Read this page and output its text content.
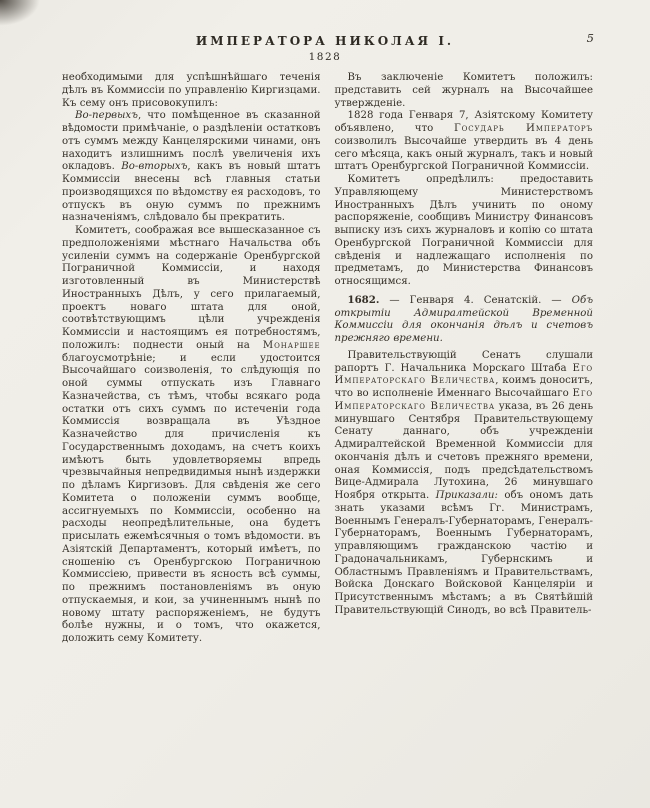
ИМПЕРАТОРА НИКОЛАЯ I.	5
1828

необходимыми для успѣшнѣйшаго теченія дѣлъ въ Коммиссіи по управленію Киргизцами. Къ сему онъ присовокупилъ:

Во-первыхъ, что помѣщенное въ сказанной вѣдомости примѣчаніе, о раздѣленіи остатковъ отъ суммъ между Канцелярскими чинами, онъ находитъ излишнимъ послѣ увеличенія ихъ окладовъ. Во-вторыхъ, какъ въ новый штатъ Коммиссіи внесены всѣ главныя статьи производящихся по вѣдомству ея расходовъ, то отпускъ въ оную суммъ по прежнимъ назначеніямъ, слѣдовало бы прекратить.

Комитетъ, соображая все вышесказанное съ предположеніями мѣстнаго Начальства объ усиленіи суммъ на содержаніе Оренбургской Пограничной Коммиссіи, и находя изготовленный въ Министерствѣ Иностранныхъ Дѣлъ, у сего прилагаемый, проектъ новаго штата для оной, соотвѣтствующимъ цѣли учрежденія Коммиссіи и настоящимъ ея потребностямъ, положилъ: поднести оный на Монаршее благоусмотрѣніе; и если удостоится Высочайшаго соизволенія, то слѣдующія по оной суммы отпускать изъ Главнаго Казначейства, съ тѣмъ, чтобы всякаго рода остатки отъ сихъ суммъ по истеченіи года Коммиссія возвращала въ Уѣздное Казначейство для причисленія къ Государственнымъ доходамъ, на счетъ коихъ имѣютъ быть удовлетворяемы впредь чрезвычайныя непредвидимыя нынѣ издержки по дѣламъ Киргизовъ. Для свѣденія же сего Комитета о положеніи суммъ вообще, ассигнуемыхъ по Коммиссіи, особенно на расходы неопредѣлительные, она будетъ присылать ежемѣсячныя о томъ вѣдомости. въ Азіятскій Департаментъ, который имѣетъ, по сношенію съ Оренбургскою Пограничною Коммиссіею, привести въ ясность всѣ суммы, по прежнимъ постановленіямъ въ оную отпускаемыя, и кои, за учиненнымъ нынѣ по новому штату распоряженіемъ, не будутъ болѣе нужны, и о томъ, что окажется, доложить сему Комитету.

Въ заключеніе Комитетъ положилъ: представить сей журналъ на Высочайшее утвержденіе.

1828 года Генваря 7, Азіятскому Комитету объявлено, что Государь Императоръ соизволилъ Высочайше утвердить въ 4 день сего мѣсяца, какъ оный журналъ, такъ и новый штатъ Оренбургской Пограничной Коммиссіи.

Комитетъ опредѣлилъ: предоставить Управляющему Министерствомъ Иностранныхъ Дѣлъ учинить по оному распоряженіе, сообщивъ Министру Финансовъ выписку изъ сихъ журналовъ и копію со штата Оренбургской Пограничной Коммиссіи для свѣденія и надлежащаго исполненія по предметамъ, до Министерства Финансовъ относящимся.

1682. — Генваря 4. Сенатскій. — Объ открытіи Адмиралтейской Временной Коммиссіи для окончанія дѣлъ и счетовъ прежняго времени.

Правительствующій Сенатъ слушали рапортъ Г. Начальника Морскаго Штаба Его Императорскаго Величества, коимъ доноситъ, что во исполненіе Именнаго Высочайшаго Его Императорскаго Величества указа, въ 26 день минувшаго Сентября Правительствующему Сенату даннаго, объ учрежденіи Адмиралтейской Временной Коммиссіи для окончанія дѣлъ и счетовъ прежняго времени, оная Коммиссія, подъ предсѣдательствомъ Вице-Адмирала Лутохина, 26 минувшаго Ноября открыта. Приказали: объ ономъ дать знать указами всѣмъ Гг. Министрамъ, Военнымъ Генералъ-Губернаторамъ, Генералъ-Губернаторамъ, Военнымъ Губернаторамъ, управляющимъ гражданскою частію и Градоначальникамъ, Губернскимъ и Областнымъ Правленіямъ и Правительствамъ, Войска Донскаго Войсковой Канцеляріи и Присутственнымъ мѣстамъ; а въ Святѣйшій Правительствующій Синодъ, во всѣ Правитель-
